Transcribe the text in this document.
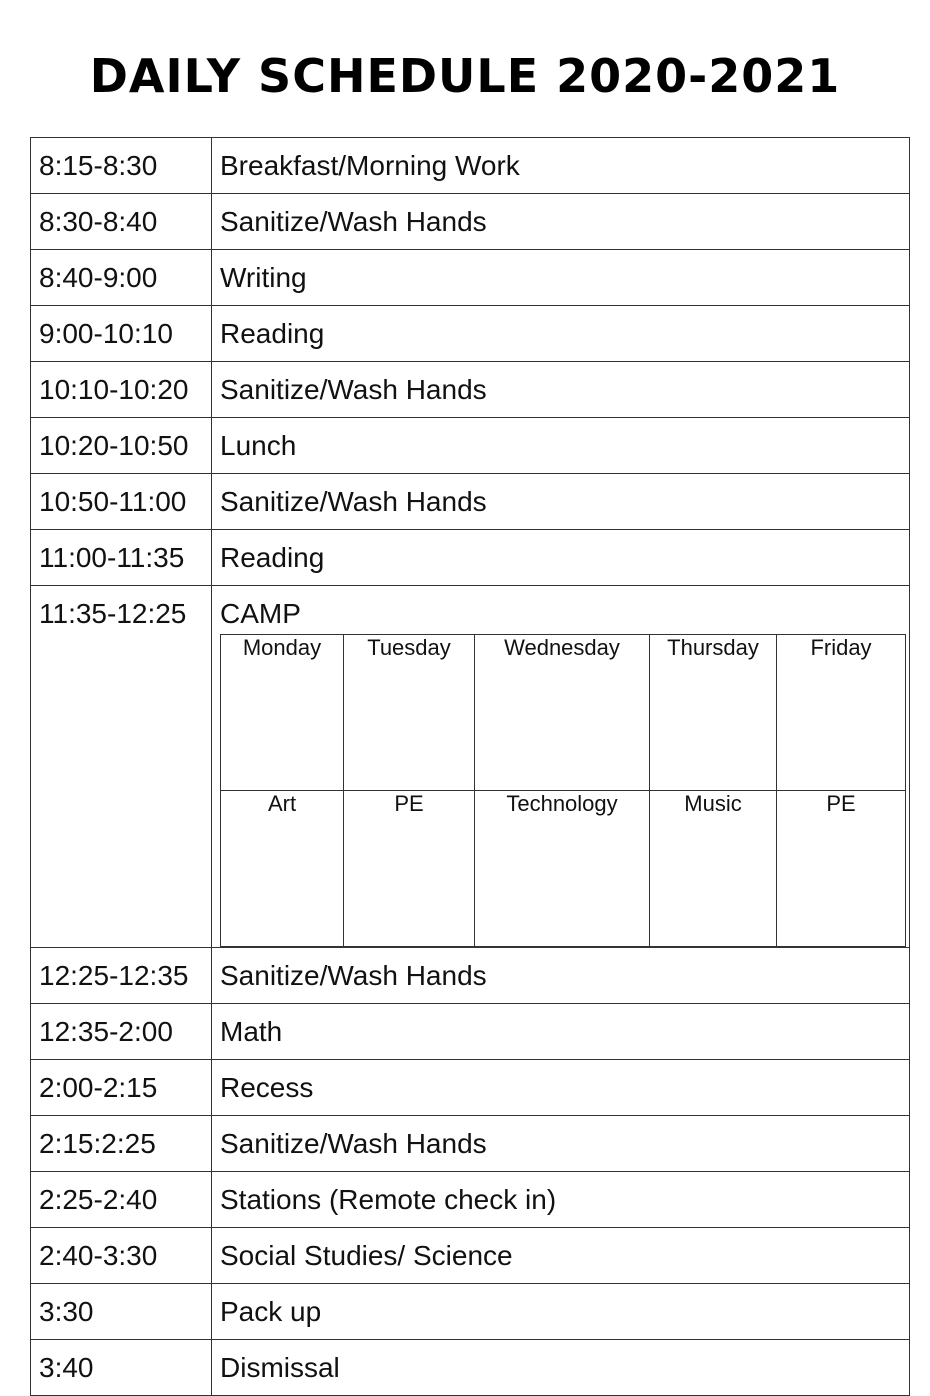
DAILY SCHEDULE 2020-2021
8:15-8:30	Breakfast/Morning Work
8:30-8:40	Sanitize/Wash Hands
8:40-9:00	Writing
9:00-10:10	Reading
10:10-10:20	Sanitize/Wash Hands
10:20-10:50	Lunch
10:50-11:00	Sanitize/Wash Hands
11:00-11:35	Reading
11:35-12:25	CAMP
Monday	Tuesday	Wednesday	Thursday	Friday
Art	PE	Technology	Music	PE

12:25-12:35	Sanitize/Wash Hands
12:35-2:00	Math
2:00-2:15	Recess
2:15:2:25	Sanitize/Wash Hands
2:25-2:40	Stations (Remote check in)
2:40-3:30	Social Studies/ Science
3:30	Pack up
3:40	Dismissal
